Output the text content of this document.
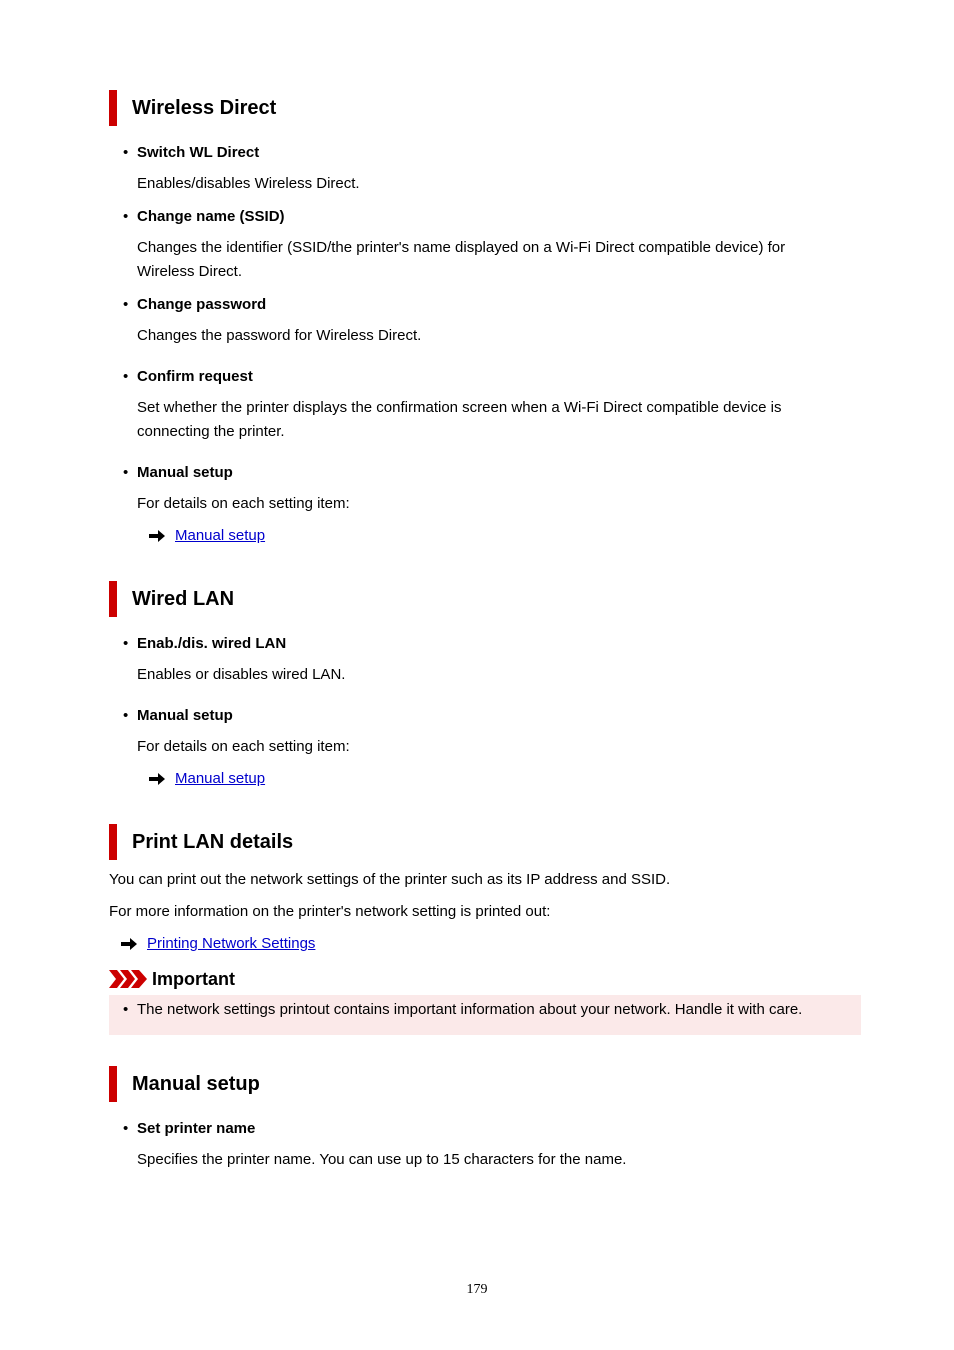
Wireless Direct
• Switch WL Direct
Enables/disables Wireless Direct.
• Change name (SSID)
Changes the identifier (SSID/the printer's name displayed on a Wi-Fi Direct compatible device) for Wireless Direct.
• Change password
Changes the password for Wireless Direct.
• Confirm request
Set whether the printer displays the confirmation screen when a Wi-Fi Direct compatible device is connecting the printer.
• Manual setup
For details on each setting item:
Manual setup
Wired LAN
• Enab./dis. wired LAN
Enables or disables wired LAN.
• Manual setup
For details on each setting item:
Manual setup
Print LAN details
You can print out the network settings of the printer such as its IP address and SSID.
For more information on the printer's network setting is printed out:
Printing Network Settings
Important
• The network settings printout contains important information about your network. Handle it with care.
Manual setup
• Set printer name
Specifies the printer name. You can use up to 15 characters for the name.
179
